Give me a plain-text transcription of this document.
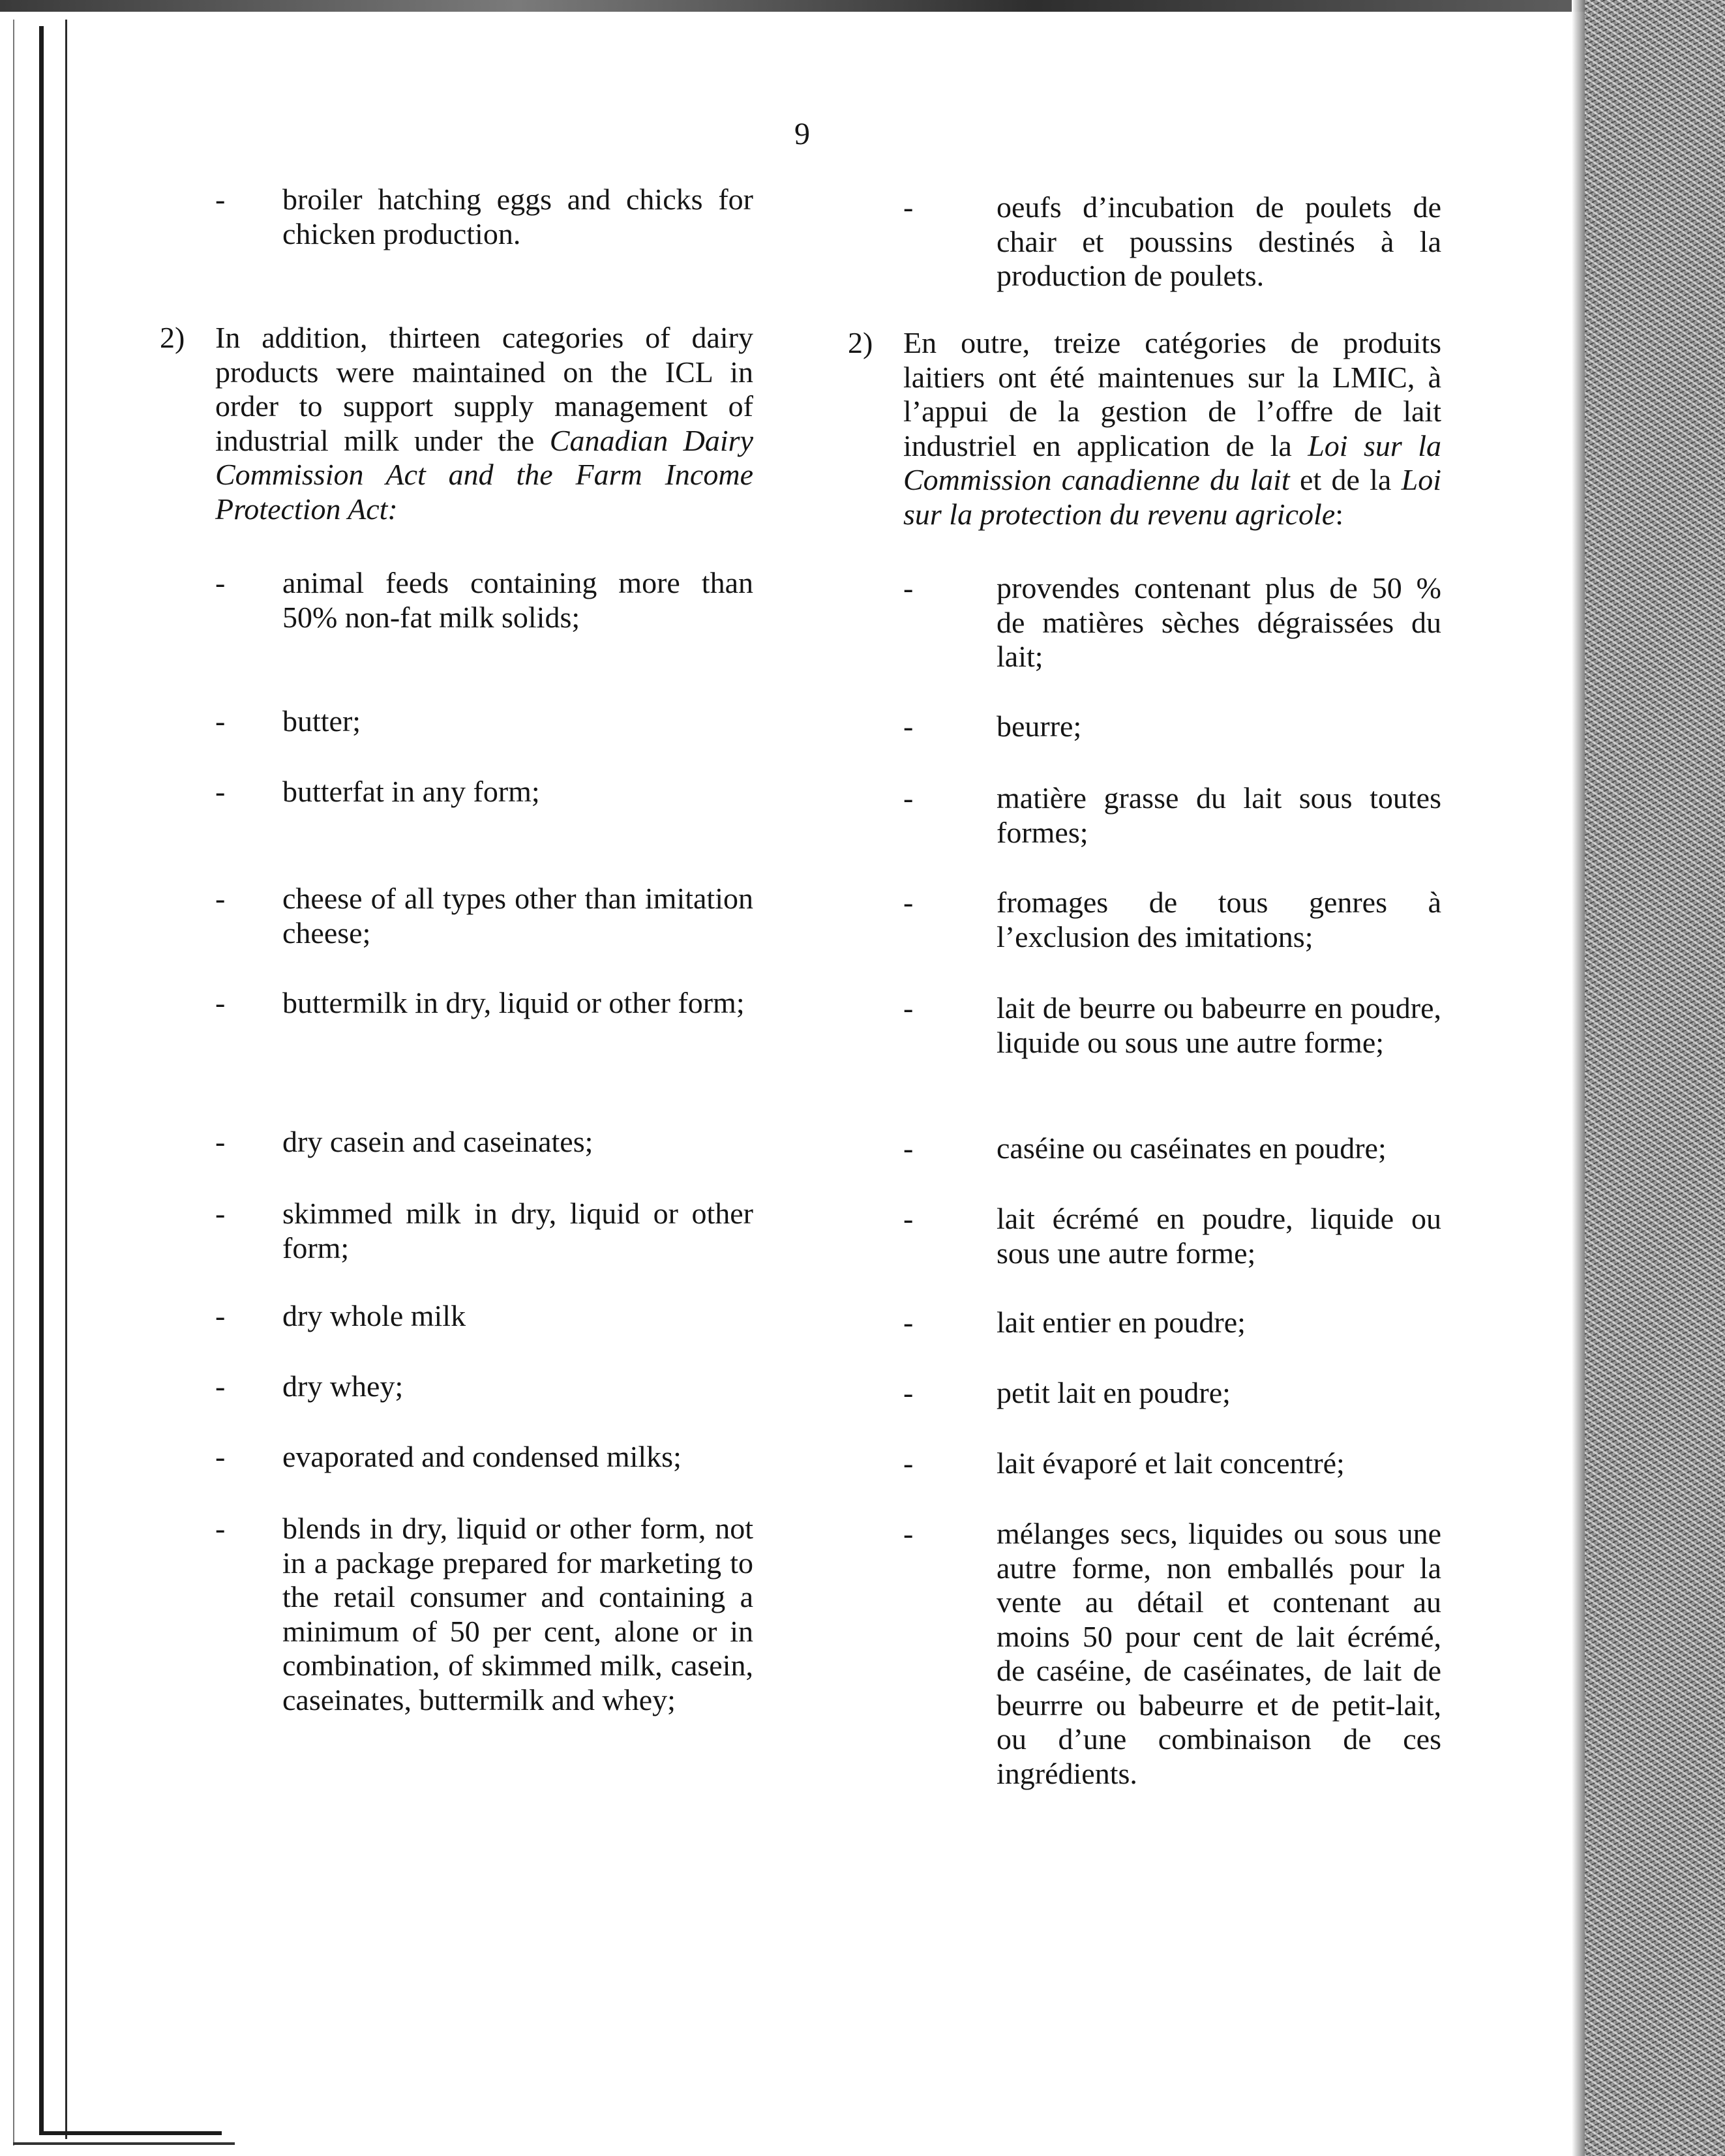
9
- broiler hatching eggs and chicks for chicken production.

2) In addition, thirteen categories of dairy products were maintained on the ICL in order to support supply management of industrial milk under the Canadian Dairy Commission Act and the Farm Income Protection Act:

- animal feeds containing more than 50% non-fat milk solids;

- butter;

- butterfat in any form;

- cheese of all types other than imitation cheese;

- buttermilk in dry, liquid or other form;

- dry casein and caseinates;

- skimmed milk in dry, liquid or other form;

- dry whole milk

- dry whey;

- evaporated and condensed milks;

- blends in dry, liquid or other form, not in a package prepared for marketing to the retail consumer and containing a minimum of 50 per cent, alone or in combination, of skimmed milk, casein, caseinates, buttermilk and whey;

-	oeufs d’incubation de poulets de chair et poussins destinés à la production de poulets.

2) En outre, treize catégories de produits laitiers ont été maintenues sur la LMIC, à l’appui de la gestion de l’offre de lait industriel en application de la Loi sur la Commission canadienne du lait et de la Loi sur la protection du revenu agricole:

-	provendes contenant plus de 50 % de matières sèches dégraissées du lait;

-	beurre;

-	matière grasse du lait sous toutes formes;

-	fromages de tous genres à l’exclusion des imitations;

-	lait de beurre ou babeurre en poudre, liquide ou sous une autre forme;

-	caséine ou caséinates en poudre;

-	lait écrémé en poudre, liquide ou sous une autre forme;

-	lait entier en poudre;

-	petit lait en poudre;

-	lait évaporé et lait concentré;

-	mélanges secs, liquides ou sous une autre forme, non emballés pour la vente au détail et contenant au moins 50 pour cent de lait écrémé, de caséine, de caséinates, de lait de beurrre ou babeurre et de petit-lait, ou d’une combinaison de ces ingrédients.
